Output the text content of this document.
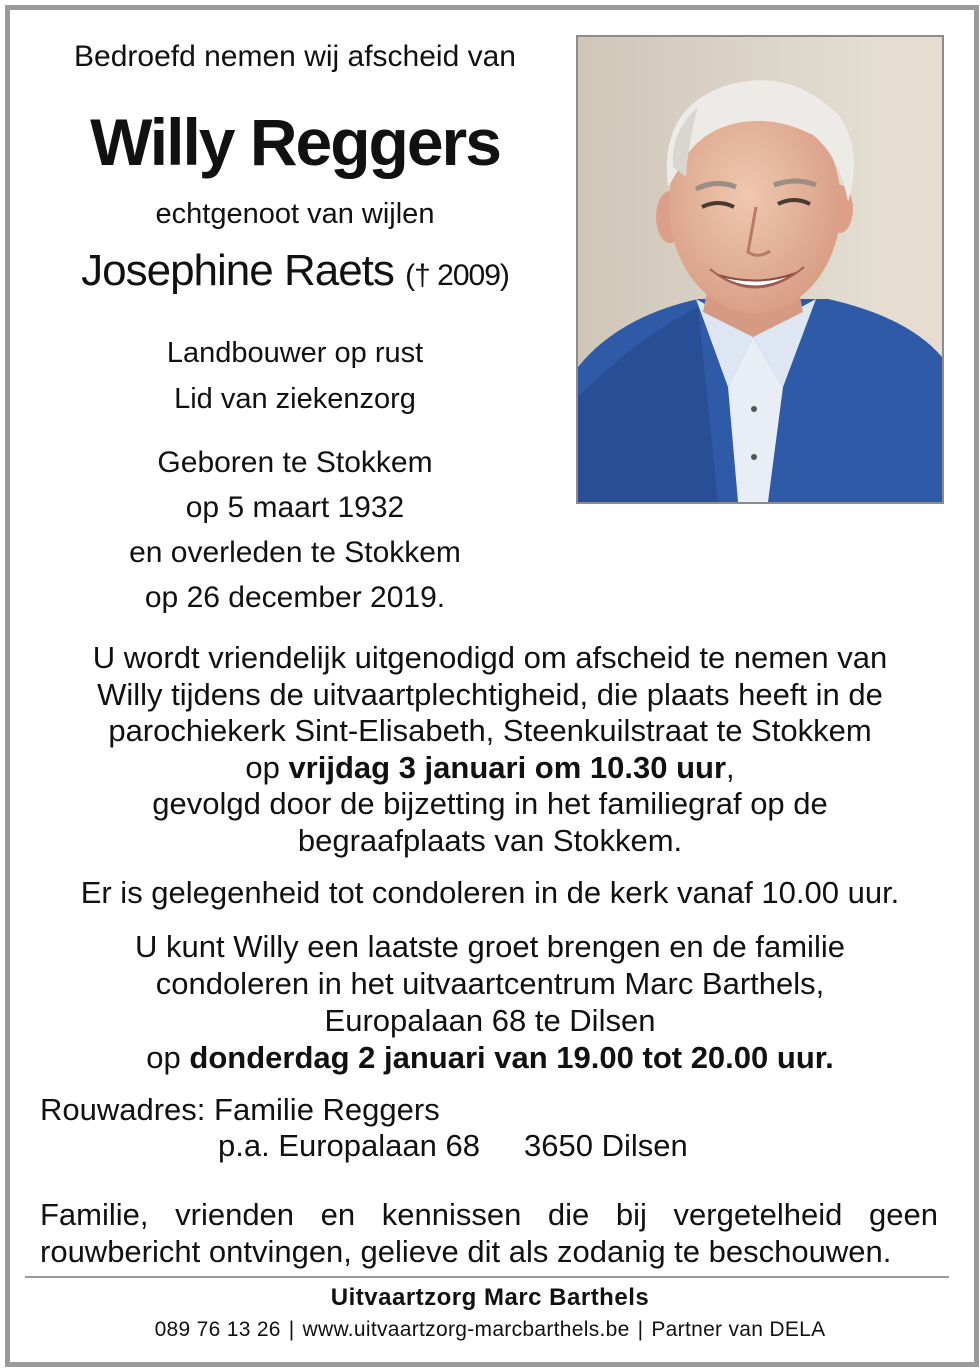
Bedroefd nemen wij afscheid van
Willy Reggers
echtgenoot van wijlen
Josephine Raets († 2009)
Landbouwer op rust
Lid van ziekenzorg
Geboren te Stokkem
op 5 maart 1932
en overleden te Stokkem
op 26 december 2019.
U wordt vriendelijk uitgenodigd om afscheid te nemen van
Willy tijdens de uitvaartplechtigheid, die plaats heeft in de
parochiekerk Sint-Elisabeth, Steenkuilstraat te Stokkem
op vrijdag 3 januari om 10.30 uur,
gevolgd door de bijzetting in het familiegraf op de
begraafplaats van Stokkem.
Er is gelegenheid tot condoleren in de kerk vanaf 10.00 uur.
U kunt Willy een laatste groet brengen en de familie
condoleren in het uitvaartcentrum Marc Barthels,
Europalaan 68 te Dilsen
op donderdag 2 januari van 19.00 tot 20.00 uur.
Rouwadres: Familie Reggers
p.a. Europalaan 68 3650 Dilsen
Familie, vrienden en kennissen die bij vergetelheid geen rouwbericht ontvingen, gelieve dit als zodanig te beschouwen.
Uitvaartzorg Marc Barthels
089 76 13 26 | www.uitvaartzorg-marcbarthels.be | Partner van DELA
